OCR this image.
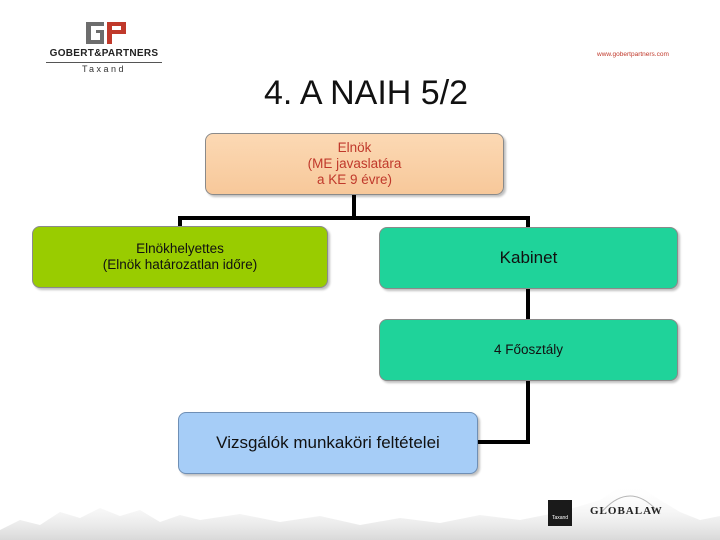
GOBERT&PARTNERS
Taxand
www.gobertpartners.com
4. A NAIH 5/2
Elnök
(ME javaslatára
a KE 9 évre)
Elnökhelyettes
(Elnök határozatlan időre)	Kabinet
4 Főosztály
Vizsgálók munkaköri feltételei
Taxand
GLOBALAW
